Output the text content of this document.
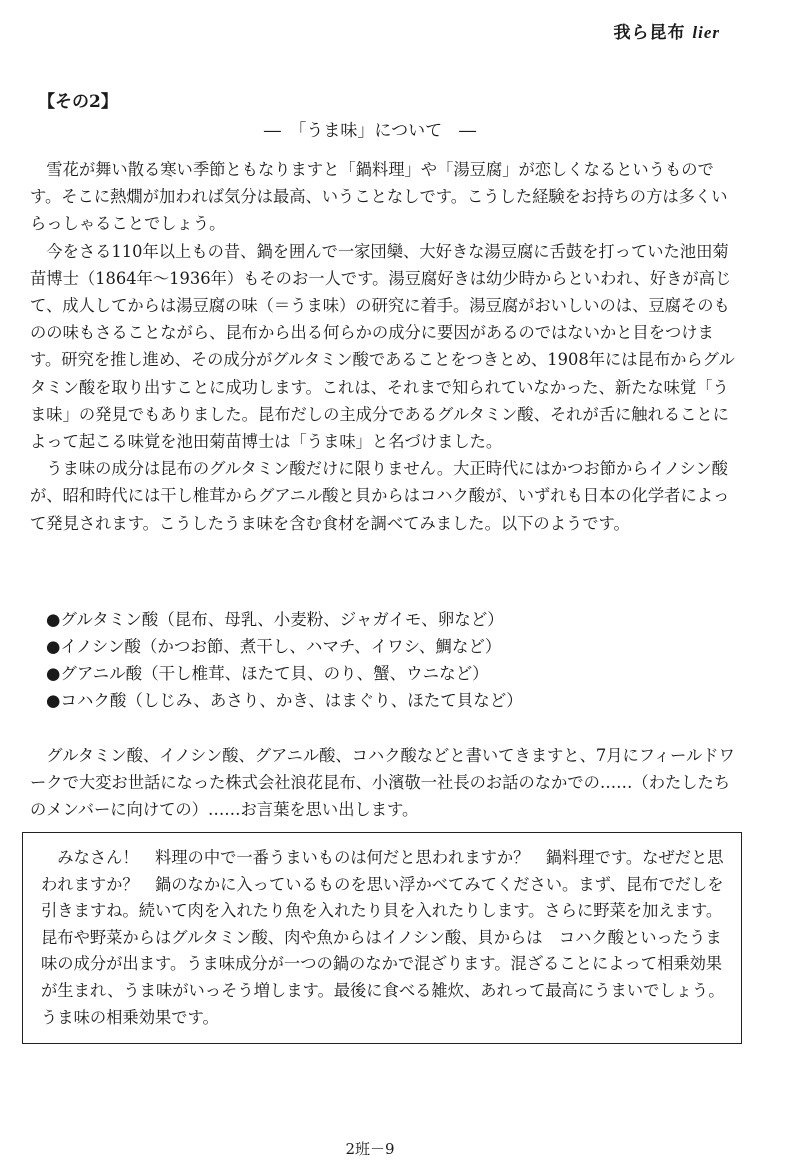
我ら昆布 lier
【その2】
―　「うま味」について　―

雪花が舞い散る寒い季節ともなりますと「鍋料理」や「湯豆腐」が恋しくなるというものです。そこに熱燗が加われば気分は最高、いうことなしです。こうした経験をお持ちの方は多くいらっしゃることでしょう。

今をさる110年以上もの昔、鍋を囲んで一家団欒、大好きな湯豆腐に舌鼓を打っていた池田菊苗博士（1864年～1936年）もそのお一人です。湯豆腐好きは幼少時からといわれ、好きが高じて、成人してからは湯豆腐の味（＝うま味）の研究に着手。湯豆腐がおいしいのは、豆腐そのものの味もさることながら、昆布から出る何らかの成分に要因があるのではないかと目をつけます。研究を推し進め、その成分がグルタミン酸であることをつきとめ、1908年には昆布からグルタミン酸を取り出すことに成功します。これは、それまで知られていなかった、新たな味覚「うま味」の発見でもありました。昆布だしの主成分であるグルタミン酸、それが舌に触れることによって起こる味覚を池田菊苗博士は「うま味」と名づけました。

うま味の成分は昆布のグルタミン酸だけに限りません。大正時代にはかつお節からイノシン酸が、昭和時代には干し椎茸からグアニル酸と貝からはコハク酸が、いずれも日本の化学者によって発見されます。こうしたうま味を含む食材を調べてみました。以下のようです。

●グルタミン酸（昆布、母乳、小麦粉、ジャガイモ、卵など）
●イノシン酸（かつお節、煮干し、ハマチ、イワシ、鯛など）
●グアニル酸（干し椎茸、ほたて貝、のり、蟹、ウニなど）
●コハク酸（しじみ、あさり、かき、はまぐり、ほたて貝など）

グルタミン酸、イノシン酸、グアニル酸、コハク酸などと書いてきますと、7月にフィールドワークで大変お世話になった株式会社浪花昆布、小濱敬一社長のお話のなかでの……（わたしたちのメンバーに向けての）……お言葉を思い出します。

みなさん！　料理の中で一番うまいものは何だと思われますか？　鍋料理です。なぜだと思われますか？　鍋のなかに入っているものを思い浮かべてみてください。まず、昆布でだしを引きますね。続いて肉を入れたり魚を入れたり貝を入れたりします。さらに野菜を加えます。昆布や野菜からはグルタミン酸、肉や魚からはイノシン酸、貝からは　コハク酸といったうま味の成分が出ます。うま味成分が一つの鍋のなかで混ざります。混ざることによって相乗効果が生まれ、うま味がいっそう増します。最後に食べる雑炊、あれって最高にうまいでしょう。うま味の相乗効果です。

2班－9
